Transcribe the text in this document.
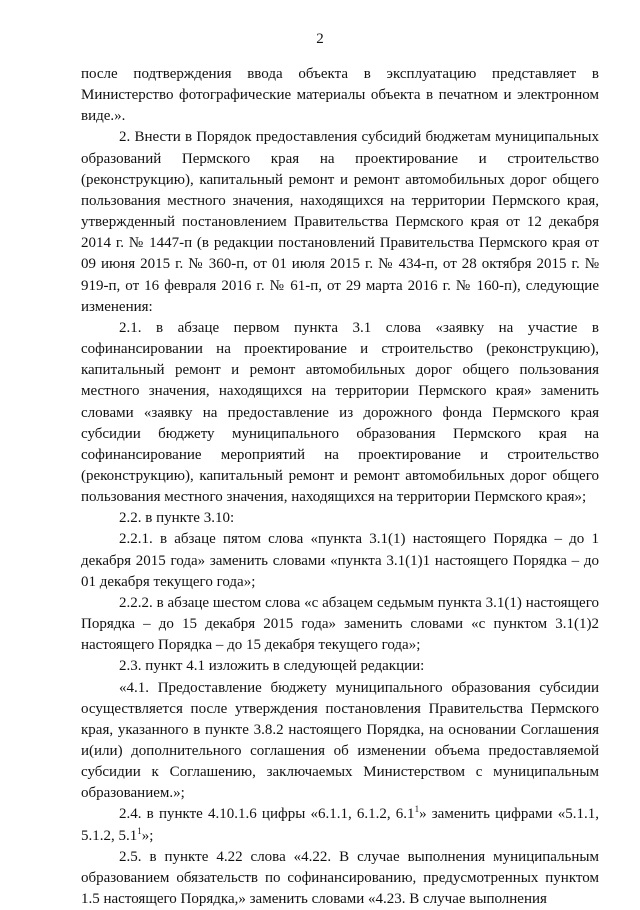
2

после подтверждения ввода объекта в эксплуатацию представляет в Министерство фотографические материалы объекта в печатном и электронном виде.».

2. Внести в Порядок предоставления субсидий бюджетам муниципальных образований Пермского края на проектирование и строительство (реконструкцию), капитальный ремонт и ремонт автомобильных дорог общего пользования местного значения, находящихся на территории Пермского края, утвержденный постановлением Правительства Пермского края от 12 декабря 2014 г. № 1447-п (в редакции постановлений Правительства Пермского края от 09 июня 2015 г. № 360-п, от 01 июля 2015 г. № 434-п, от 28 октября 2015 г. № 919-п, от 16 февраля 2016 г. № 61-п, от 29 марта 2016 г. № 160-п), следующие изменения:

2.1. в абзаце первом пункта 3.1 слова «заявку на участие в софинансировании на проектирование и строительство (реконструкцию), капитальный ремонт и ремонт автомобильных дорог общего пользования местного значения, находящихся на территории Пермского края» заменить словами «заявку на предоставление из дорожного фонда Пермского края субсидии бюджету муниципального образования Пермского края на софинансирование мероприятий на проектирование и строительство (реконструкцию), капитальный ремонт и ремонт автомобильных дорог общего пользования местного значения, находящихся на территории Пермского края»;

2.2. в пункте 3.10:

2.2.1. в абзаце пятом слова «пункта 3.1(1) настоящего Порядка – до 1 декабря 2015 года» заменить словами «пункта 3.1(1)1 настоящего Порядка – до 01 декабря текущего года»;

2.2.2. в абзаце шестом слова «с абзацем седьмым пункта 3.1(1) настоящего Порядка – до 15 декабря 2015 года» заменить словами «с пунктом 3.1(1)2 настоящего Порядка – до 15 декабря текущего года»;

2.3. пункт 4.1 изложить в следующей редакции:

«4.1. Предоставление бюджету муниципального образования субсидии осуществляется после утверждения постановления Правительства Пермского края, указанного в пункте 3.8.2 настоящего Порядка, на основании Соглашения и(или) дополнительного соглашения об изменении объема предоставляемой субсидии к Соглашению, заключаемых Министерством с муниципальным образованием.»;

2.4. в пункте 4.10.1.6 цифры «6.1.1, 6.1.2, $6.1^1$» заменить цифрами «5.1.1, 5.1.2, $5.1^1$»;

2.5. в пункте 4.22 слова «4.22. В случае выполнения муниципальным образованием обязательств по софинансированию, предусмотренных пунктом 1.5 настоящего Порядка,» заменить словами «4.23. В случае выполнения
